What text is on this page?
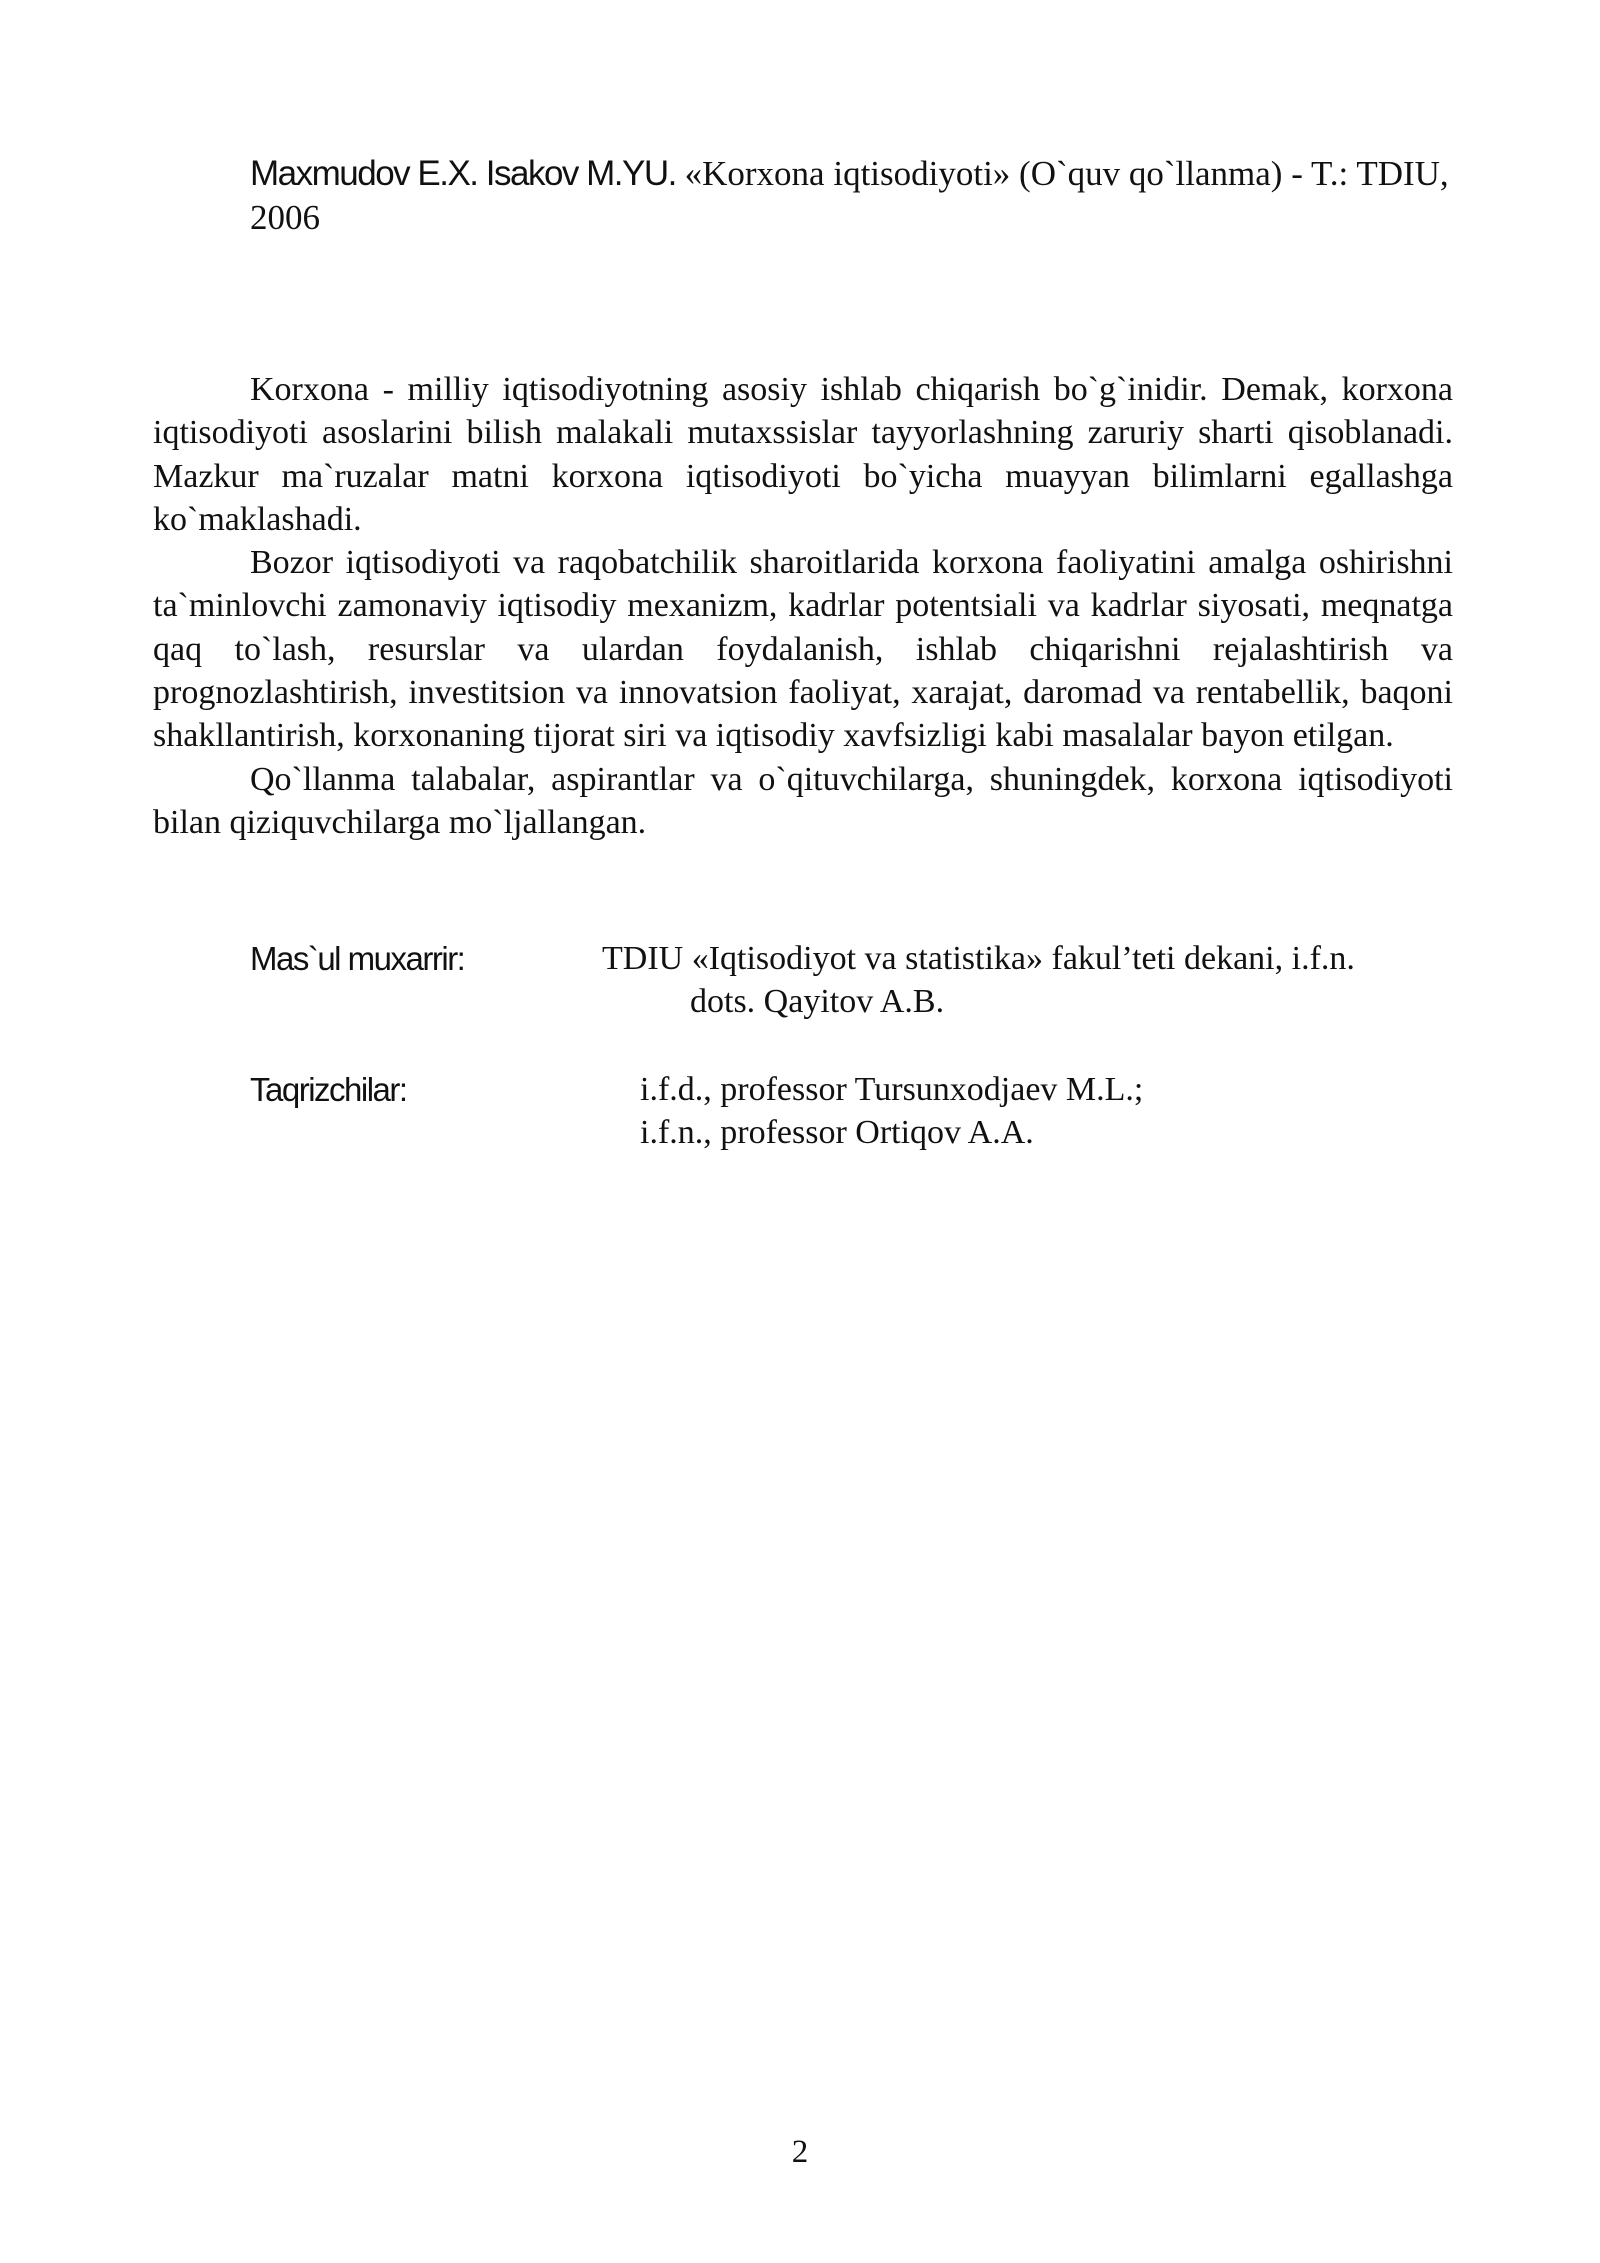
Maxmudov E.X. Isakov M.YU. «Korxona iqtisodiyoti» (O`quv qo`llanma) - T.: TDIU, 2006

Korxona - milliy iqtisodiyotning asosiy ishlab chiqarish bo`g`inidir. Demak, korxona iqtisodiyoti asoslarini bilish malakali mutaxssislar tayyorlashning zaruriy sharti qisoblanadi. Mazkur ma`ruzalar matni korxona iqtisodiyoti bo`yicha muayyan bilimlarni egallashga ko`maklashadi.

Bozor iqtisodiyoti va raqobatchilik sharoitlarida korxona faoliyatini amalga oshirishni ta`minlovchi zamonaviy iqtisodiy mexanizm, kadrlar potentsiali va kadrlar siyosati, meqnatga qaq to`lash, resurslar va ulardan foydalanish, ishlab chiqarishni rejalashtirish va prognozlashtirish, investitsion va innovatsion faoliyat, xarajat, daromad va rentabellik, baqoni shakllantirish, korxonaning tijorat siri va iqtisodiy xavfsizligi kabi masalalar bayon etilgan.

Qo`llanma talabalar, aspirantlar va o`qituvchilarga, shuningdek, korxona iqtisodiyoti bilan qiziquvchilarga mo`ljallangan.

Mas`ul muxarrir:	TDIU «Iqtisodiyot va statistika» fakul’teti dekani, i.f.n.
dots. Qayitov A.B.
Taqrizchilar:	i.f.d., professor Tursunxodjaev M.L.;
i.f.n., professor Ortiqov A.A.
2
